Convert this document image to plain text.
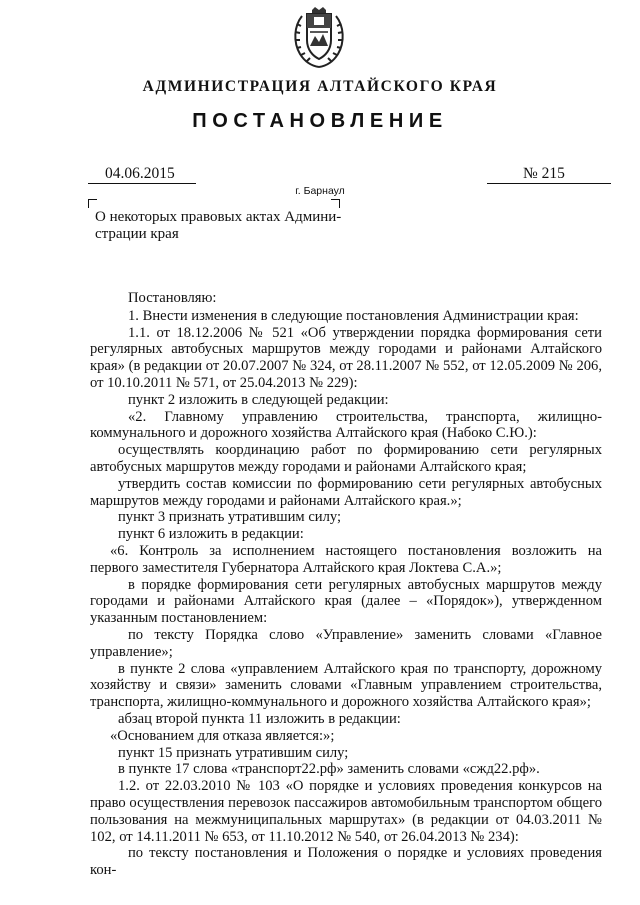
АДМИНИСТРАЦИЯ АЛТАЙСКОГО КРАЯ
ПОСТАНОВЛЕНИЕ
04.06.2015	№ 215
г. Барнаул
О некоторых правовых актах Админи-
страции края

Постановляю:

1. Внести изменения в следующие постановления Администрации края:

1.1. от 18.12.2006 № 521 «Об утверждении порядка формирования сети регулярных автобусных маршрутов между городами и районами Алтайского края» (в редакции от 20.07.2007 № 324, от 28.11.2007 № 552, от 12.05.2009 № 206, от 10.10.2011 № 571, от 25.04.2013 № 229):

пункт 2 изложить в следующей редакции:

«2. Главному управлению строительства, транспорта, жилищно-коммунального и дорожного хозяйства Алтайского края (Набоко С.Ю.):

осуществлять координацию работ по формированию сети регулярных автобусных маршрутов между городами и районами Алтайского края;

утвердить состав комиссии по формированию сети регулярных автобусных маршрутов между городами и районами Алтайского края.»;

пункт 3 признать утратившим силу;

пункт 6 изложить в редакции:

«6. Контроль за исполнением настоящего постановления возложить на первого заместителя Губернатора Алтайского края Локтева С.А.»;

в порядке формирования сети регулярных автобусных маршрутов между городами и районами Алтайского края (далее – «Порядок»), утвержденном указанным постановлением:

по тексту Порядка слово «Управление» заменить словами «Главное управление»;

в пункте 2 слова «управлением Алтайского края по транспорту, дорожному хозяйству и связи» заменить словами «Главным управлением строительства, транспорта, жилищно-коммунального и дорожного хозяйства Алтайского края»;

абзац второй пункта 11 изложить в редакции:

«Основанием для отказа является:»;

пункт 15 признать утратившим силу;

в пункте 17 слова «транспорт22.рф» заменить словами «сжд22.рф».

1.2. от 22.03.2010 № 103 «О порядке и условиях проведения конкурсов на право осуществления перевозок пассажиров автомобильным транспортом общего пользования на межмуниципальных маршрутах» (в редакции от 04.03.2011 № 102, от 14.11.2011 № 653, от 11.10.2012 № 540, от 26.04.2013 № 234):

по тексту постановления и Положения о порядке и условиях проведения кон-
